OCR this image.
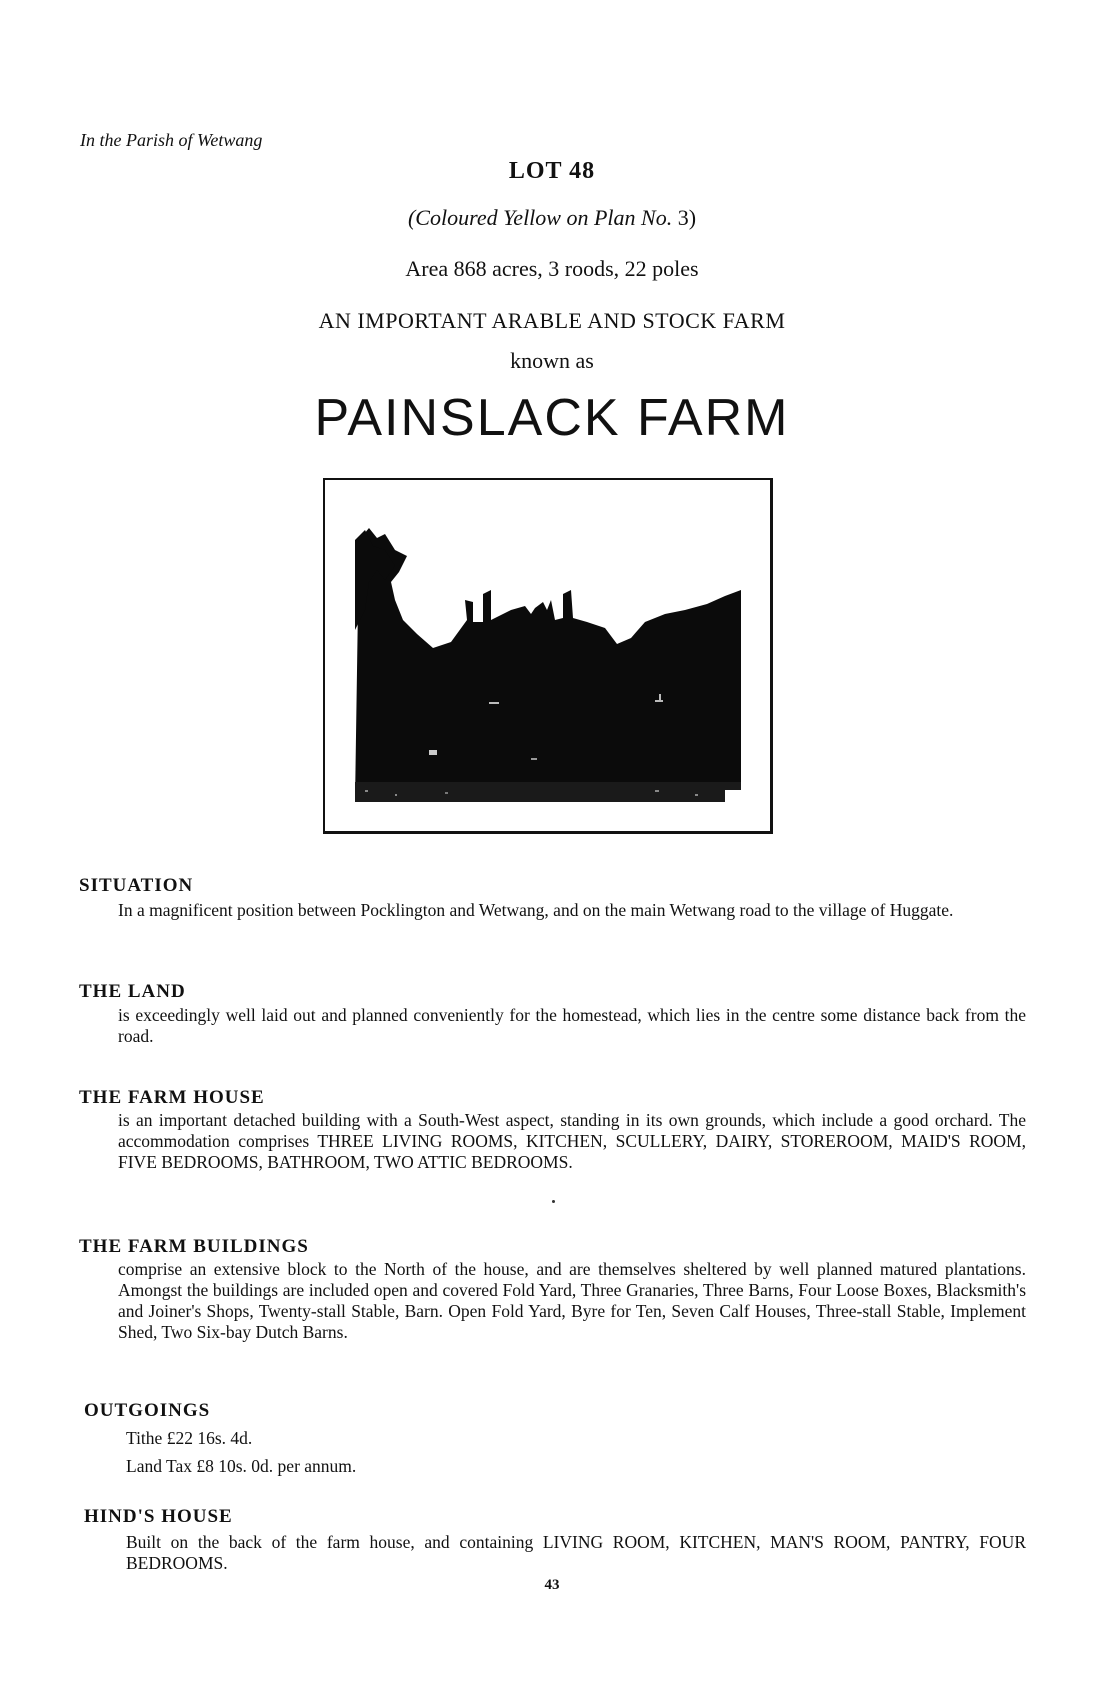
In the Parish of Wetwang
LOT 48
(Coloured Yellow on Plan No. 3)
Area 868 acres, 3 roods, 22 poles
AN IMPORTANT ARABLE AND STOCK FARM
known as
PAINSLACK FARM
SITUATION
In a magnificent position between Pocklington and Wetwang, and on the main Wetwang road to the village of Huggate.
THE LAND
is exceedingly well laid out and planned conveniently for the homestead, which lies in the centre some distance back from the road.
THE FARM HOUSE
is an important detached building with a South-West aspect, standing in its own grounds, which include a good orchard. The accommodation comprises THREE LIVING ROOMS, KITCHEN, SCULLERY, DAIRY, STOREROOM, MAID'S ROOM, FIVE BEDROOMS, BATHROOM, TWO ATTIC BEDROOMS.
THE FARM BUILDINGS
comprise an extensive block to the North of the house, and are themselves sheltered by well planned matured plantations. Amongst the buildings are included open and covered Fold Yard, Three Granaries, Three Barns, Four Loose Boxes, Blacksmith's and Joiner's Shops, Twenty-stall Stable, Barn. Open Fold Yard, Byre for Ten, Seven Calf Houses, Three-stall Stable, Implement Shed, Two Six-bay Dutch Barns.
OUTGOINGS
Tithe £22 16s. 4d.
Land Tax £8 10s. 0d. per annum.
HIND'S HOUSE
Built on the back of the farm house, and containing LIVING ROOM, KITCHEN, MAN'S ROOM, PANTRY, FOUR BEDROOMS.
43
